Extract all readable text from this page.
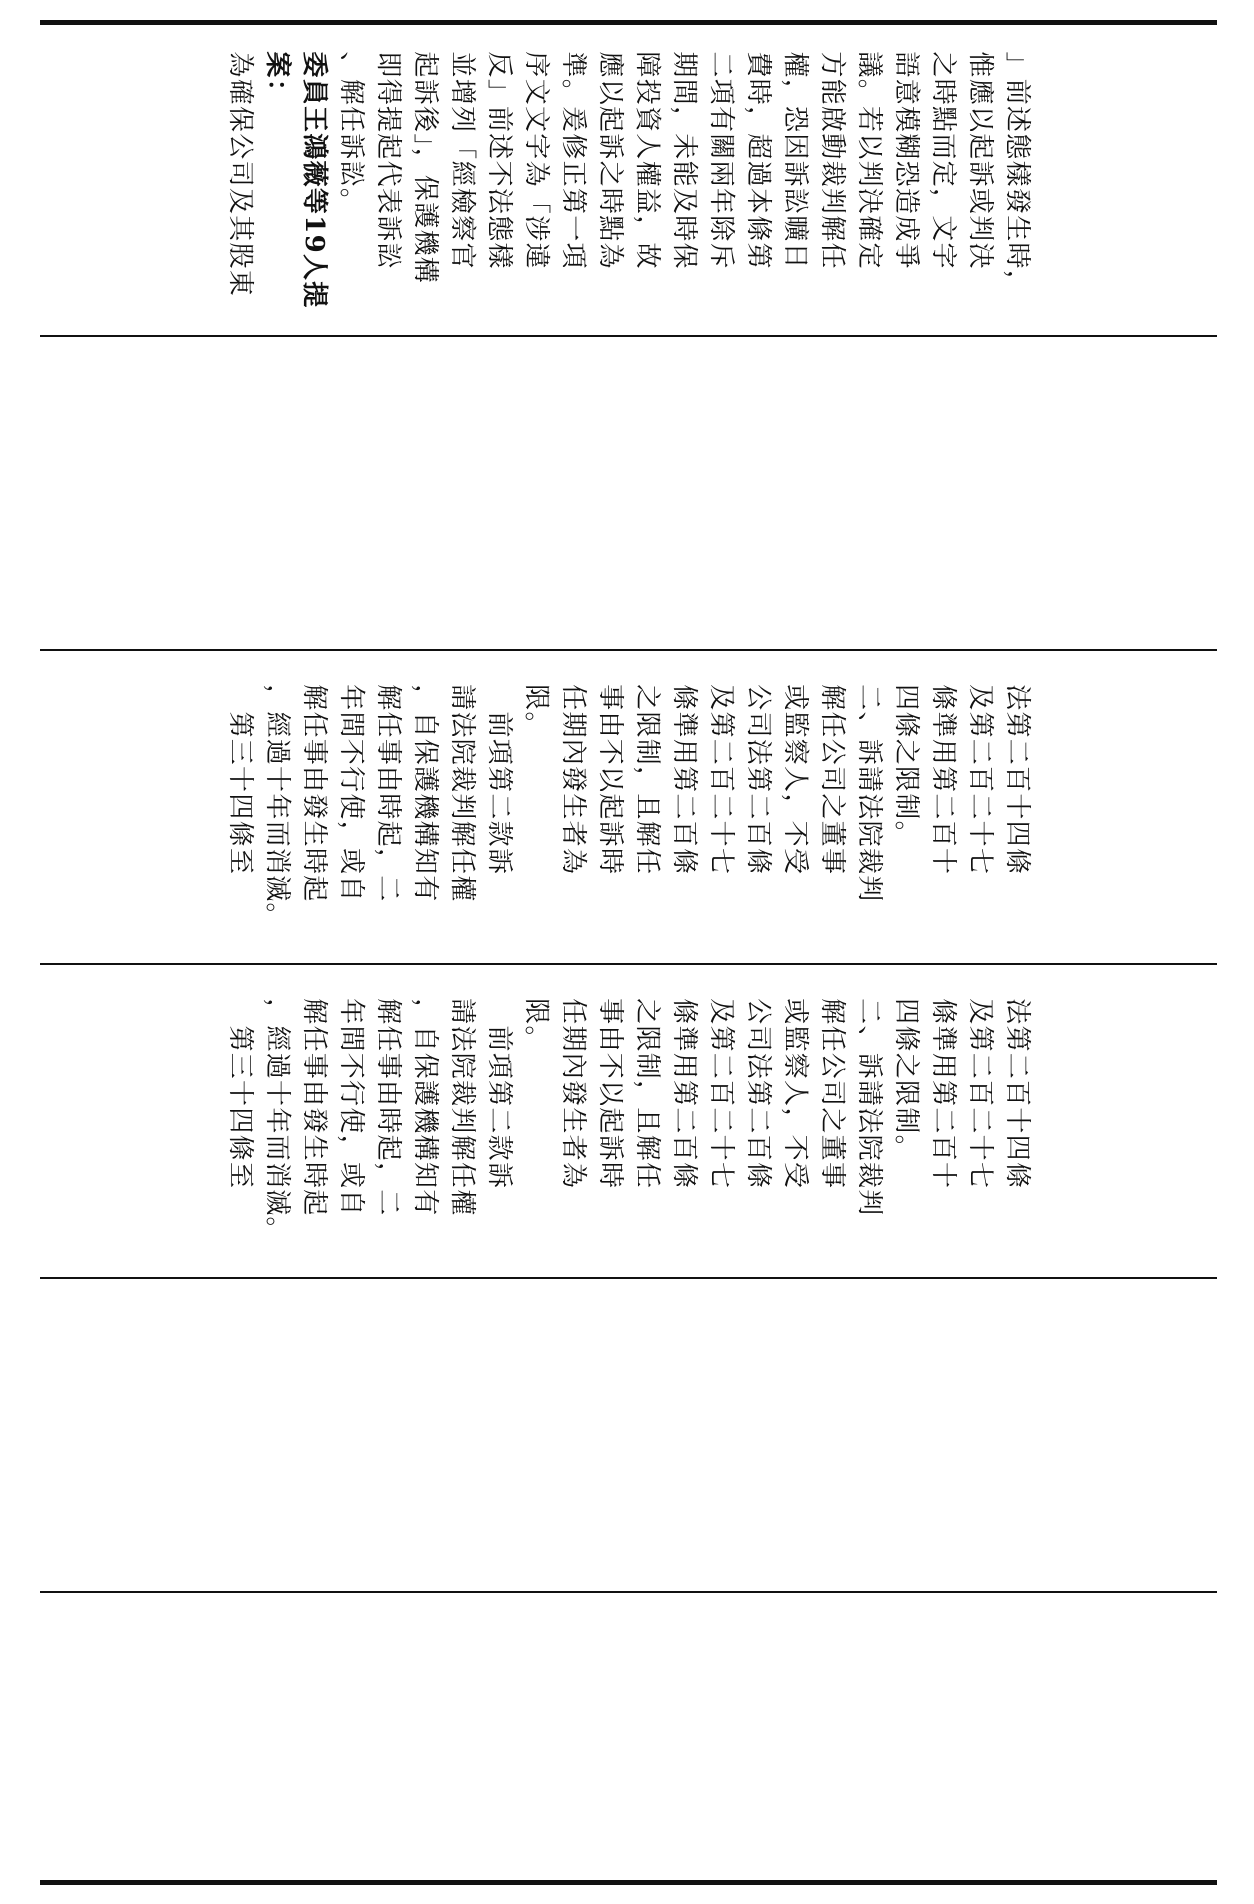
」前述態樣發生時，
惟應以起訴或判決
之時點而定，文字
語意模糊恐造成爭
議。若以判決確定
方能啟動裁判解任
權，恐因訴訟曠日
費時，超過本條第
二項有關兩年除斥
期間，未能及時保
障投資人權益，故
應以起訴之時點為
準。爰修正第一項
序文文字為「涉違
反」前述不法態樣
並增列「經檢察官
起訴後」，保護機構
即得提起代表訴訟
、解任訴訟。
委員王鴻薇等19人提
案：
為確保公司及其股東
法第二百十四條
及第二百二十七
條準用第二百十
四條之限制。
二、訴請法院裁判
解任公司之董事
或監察人，不受
公司法第二百條
及第二百二十七
條準用第二百條
之限制，且解任
事由不以起訴時
任期內發生者為
限。
　前項第二款訴
請法院裁判解任權
，自保護機構知有
解任事由時起，二
年間不行使，或自
解任事由發生時起
，經過十年而消滅。
　第三十四條至
法第二百十四條
及第二百二十七
條準用第二百十
四條之限制。
二、訴請法院裁判
解任公司之董事
或監察人，不受
公司法第二百條
及第二百二十七
條準用第二百條
之限制，且解任
事由不以起訴時
任期內發生者為
限。
　前項第二款訴
請法院裁判解任權
，自保護機構知有
解任事由時起，二
年間不行使，或自
解任事由發生時起
，經過十年而消滅。
　第三十四條至
